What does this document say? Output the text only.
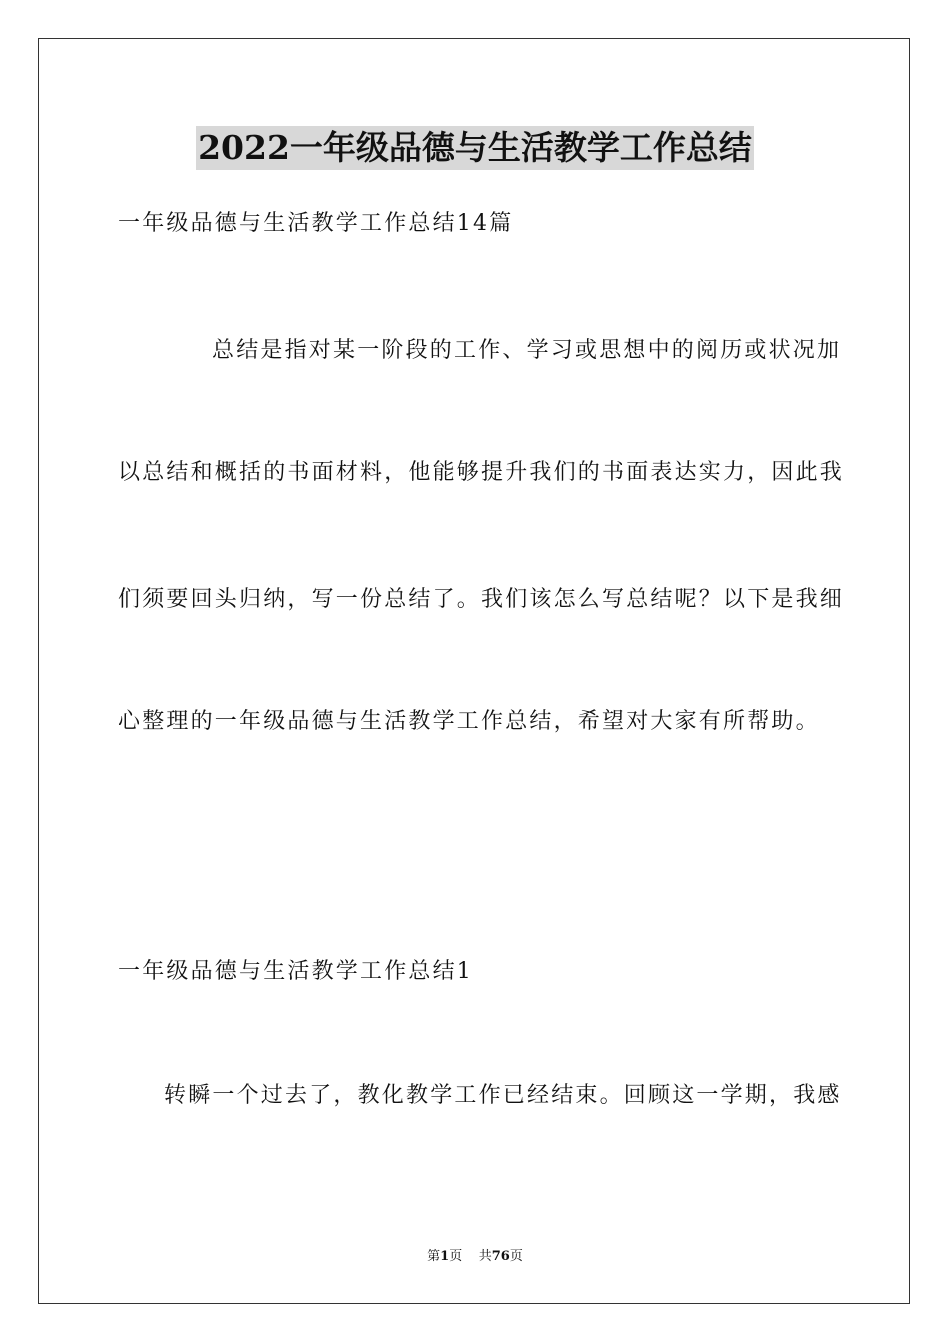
2022一年级品德与生活教学工作总结
一年级品德与生活教学工作总结14篇
总结是指对某一阶段的工作、学习或思想中的阅历或状况加
以总结和概括的书面材料，他能够提升我们的书面表达实力，因此我
们须要回头归纳，写一份总结了。我们该怎么写总结呢？以下是我细
心整理的一年级品德与生活教学工作总结，希望对大家有所帮助。
一年级品德与生活教学工作总结1
转瞬一个过去了，教化教学工作已经结束。回顾这一学期，我感
第1页 共76页
